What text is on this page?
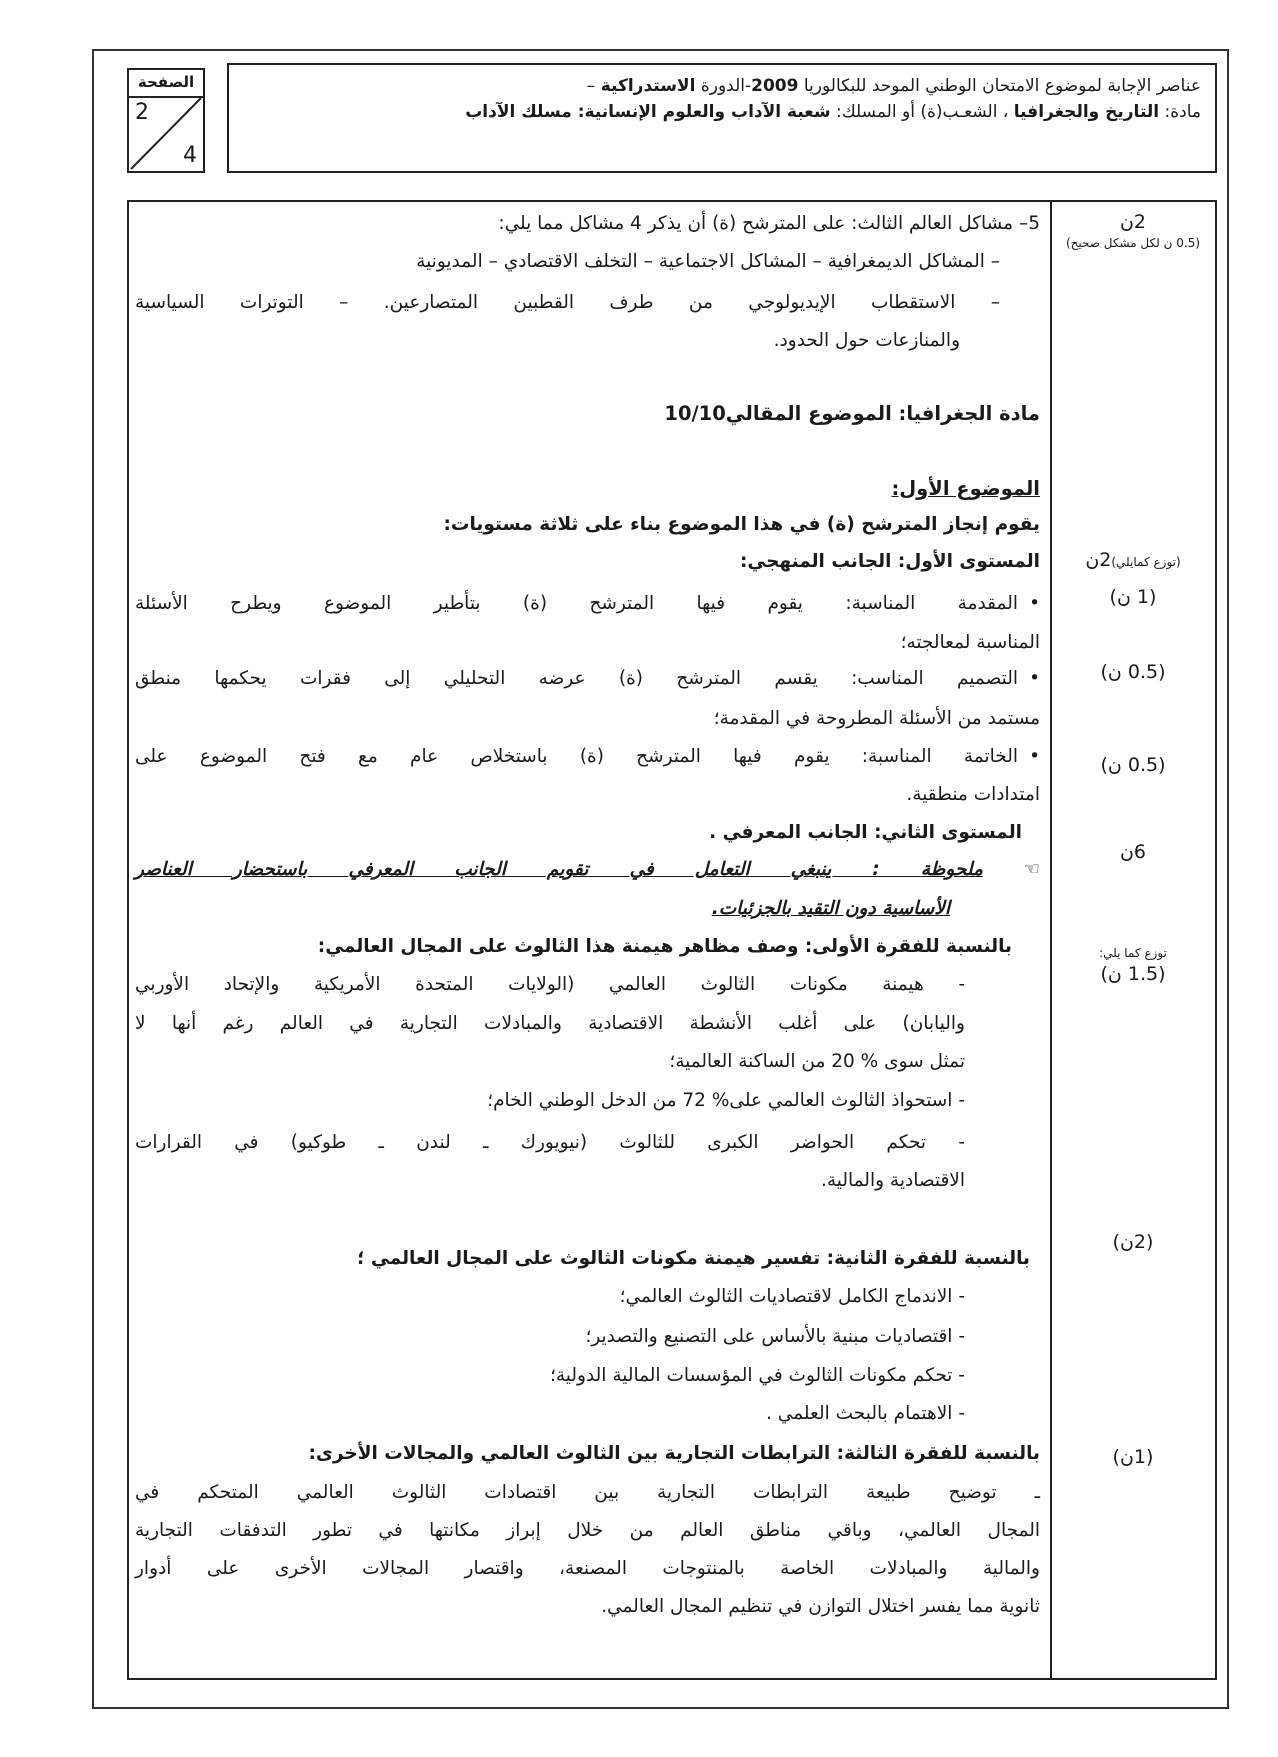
الصفحة
2
4
عناصر الإجابة لموضوع الامتحان الوطني الموحد للبكالوريا 2009-الدورة الاستدراكية –
مادة: التاريخ والجغرافيا ، الشعـب(ة) أو المسلك: شعبة الآداب والعلوم الإنسانية: مسلك الآداب
5– مشاكل العالم الثالث: على المترشح (ة) أن يذكر 4 مشاكل مما يلي:
– المشاكل الديمغرافية – المشاكل الاجتماعية – التخلف الاقتصادي – المديونية
– الاستقطاب الإيديولوجي من طرف القطبين المتصارعين. – التوترات السياسية
والمنازعات حول الحدود.
مادة الجغرافيا: الموضوع المقالي10/10
الموضوع الأول:
يقوم إنجاز المترشح (ة) في هذا الموضوع بناء على ثلاثة مستويات:
المستوى الأول: الجانب المنهجي:
•المقدمة المناسبة: يقوم فيها المترشح (ة) بتأطير الموضوع ويطرح الأسئلة
المناسبة لمعالجته؛
•التصميم المناسب: يقسم المترشح (ة) عرضه التحليلي إلى فقرات يحكمها منطق
مستمد من الأسئلة المطروحة في المقدمة؛
•الخاتمة المناسبة: يقوم فيها المترشح (ة) باستخلاص عام مع فتح الموضوع على
امتدادات منطقية.
المستوى الثاني: الجانب المعرفي .
☜ ملحوظة : ينبغي التعامل في تقويم الجانب المعرفي باستحضار العناصر
الأساسية دون التقيد بالجزئيات.
بالنسبة للفقرة الأولى: وصف مظاهر هيمنة هذا الثالوث على المجال العالمي:
- هيمنة مكونات الثالوث العالمي (الولايات المتحدة الأمريكية والإتحاد الأوربي
واليابان) على أغلب الأنشطة الاقتصادية والمبادلات التجارية في العالم رغم أنها لا
تمثل سوى % 20 من الساكنة العالمية؛
- استحواذ الثالوث العالمي على% 72 من الدخل الوطني الخام؛
- تحكم الحواضر الكبرى للثالوث (نيويورك ـ لندن ـ طوكيو) في القرارات
الاقتصادية والمالية.
بالنسبة للفقرة الثانية: تفسير هيمنة مكونات الثالوث على المجال العالمي ؛
- الاندماج الكامل لاقتصاديات الثالوث العالمي؛
- اقتصاديات مبنية بالأساس على التصنيع والتصدير؛
- تحكم مكونات الثالوث في المؤسسات المالية الدولية؛
- الاهتمام بالبحث العلمي .
بالنسبة للفقرة الثالثة: الترابطات التجارية بين الثالوث العالمي والمجالات الأخرى:
ـ توضيح طبيعة الترابطات التجارية بين اقتصادات الثالوث العالمي المتحكم في
المجال العالمي، وباقي مناطق العالم من خلال إبراز مكانتها في تطور التدفقات التجارية
والمالية والمبادلات الخاصة بالمنتوجات المصنعة، واقتصار المجالات الأخرى على أدوار
ثانوية مما يفسر اختلال التوازن في تنظيم المجال العالمي.
2ن
(0.5 ن لكل مشكل صحيح)
(توزع كمايلي)2ن
(1 ن)
(0.5 ن)
(0.5 ن)
6ن
توزع كما يلي:
(1.5 ن)
(2ن)
(1ن)
